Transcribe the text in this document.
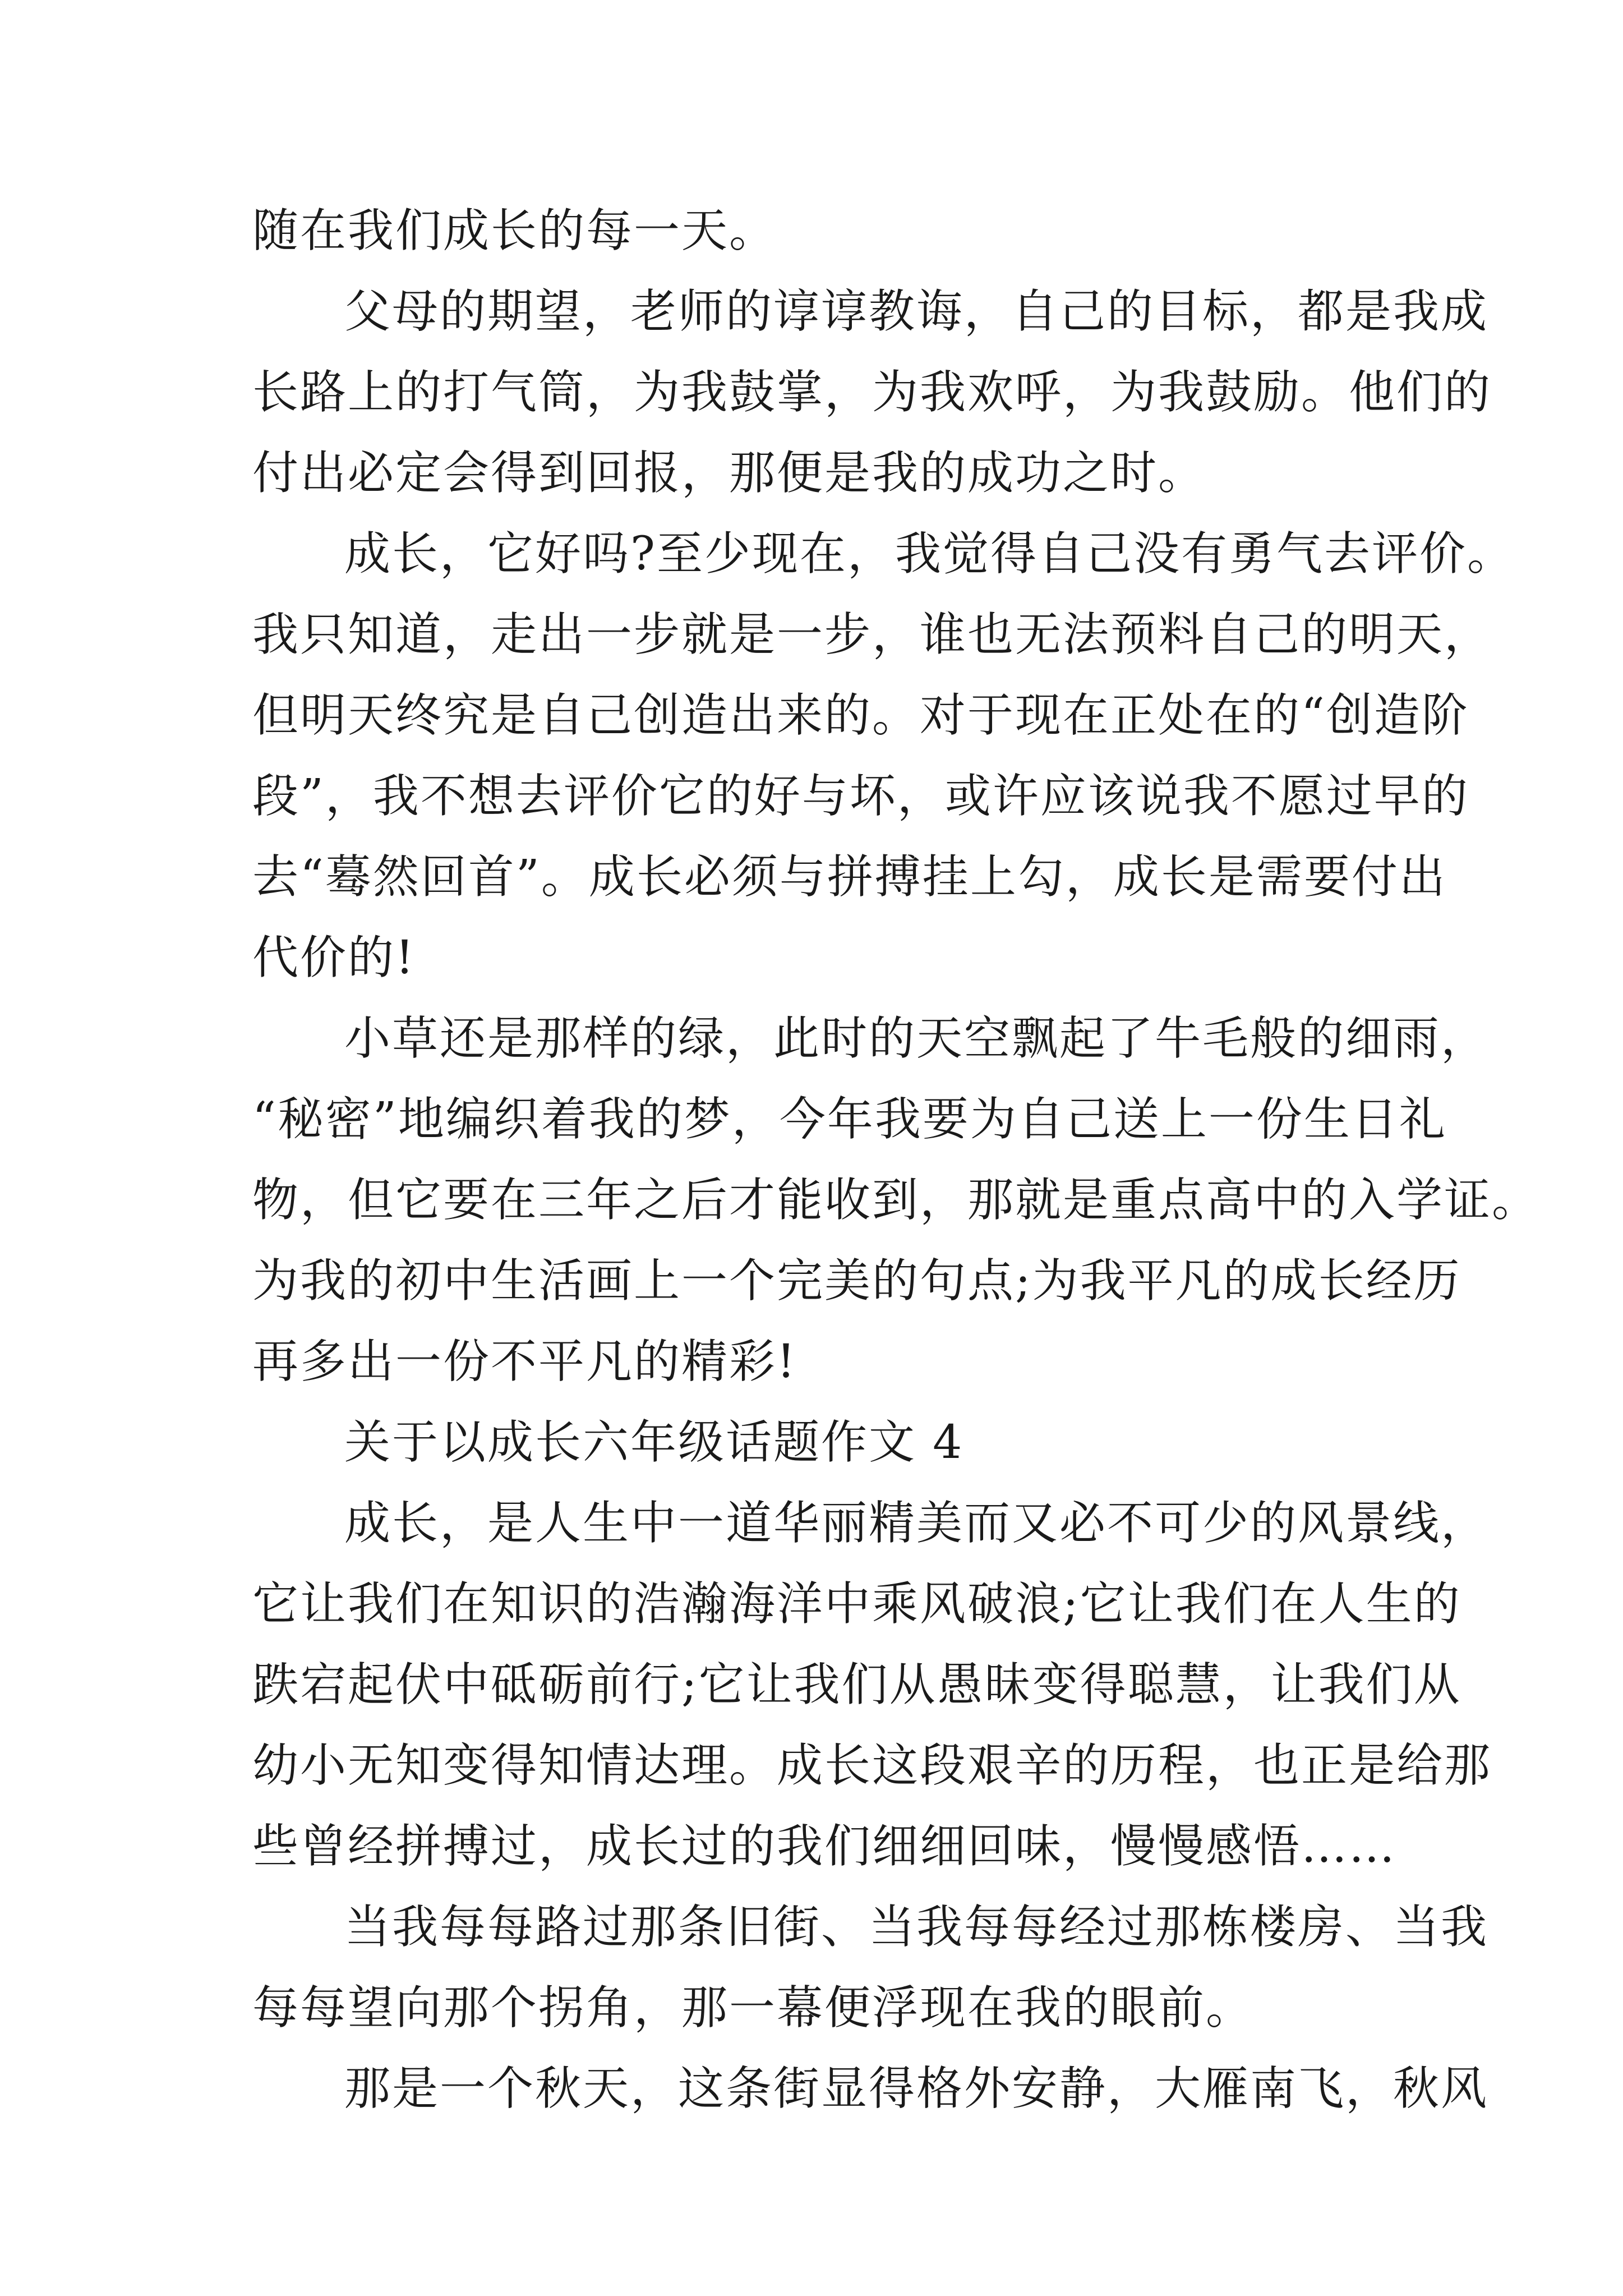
随在我们成长的每一天。
父母的期望，老师的谆谆教诲，自己的目标，都是我成
长路上的打气筒，为我鼓掌，为我欢呼，为我鼓励。他们的
付出必定会得到回报，那便是我的成功之时。
成长，它好吗?至少现在，我觉得自己没有勇气去评价。
我只知道，走出一步就是一步，谁也无法预料自己的明天，
但明天终究是自己创造出来的。对于现在正处在的“创造阶
段”，我不想去评价它的好与坏，或许应该说我不愿过早的
去“蓦然回首”。成长必须与拼搏挂上勾，成长是需要付出
代价的!
小草还是那样的绿，此时的天空飘起了牛毛般的细雨，
“秘密”地编织着我的梦，今年我要为自己送上一份生日礼
物，但它要在三年之后才能收到，那就是重点高中的入学证。
为我的初中生活画上一个完美的句点;为我平凡的成长经历
再多出一份不平凡的精彩!
关于以成长六年级话题作文 4
成长，是人生中一道华丽精美而又必不可少的风景线，
它让我们在知识的浩瀚海洋中乘风破浪;它让我们在人生的
跌宕起伏中砥砺前行;它让我们从愚昧变得聪慧，让我们从
幼小无知变得知情达理。成长这段艰辛的历程，也正是给那
些曾经拼搏过，成长过的我们细细回味，慢慢感悟……
当我每每路过那条旧街、当我每每经过那栋楼房、当我
每每望向那个拐角，那一幕便浮现在我的眼前。
那是一个秋天，这条街显得格外安静，大雁南飞，秋风
